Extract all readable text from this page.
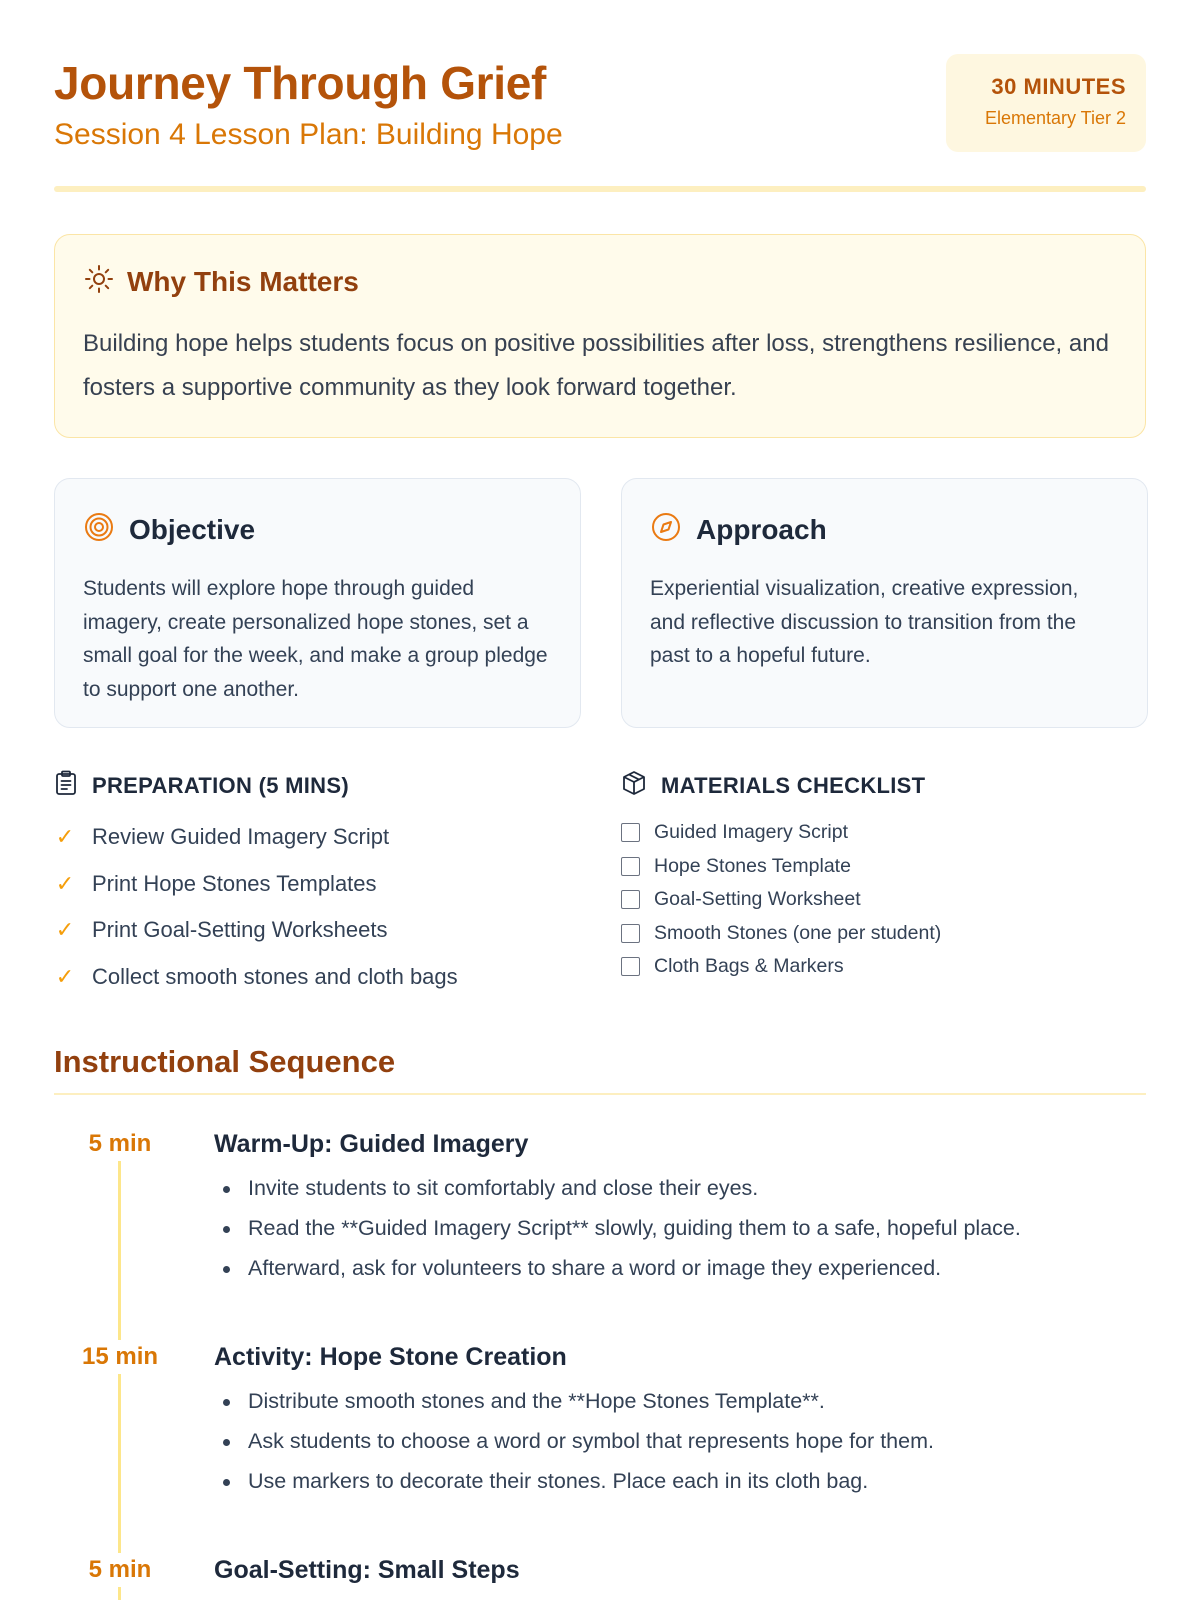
Journey Through Grief
Session 4 Lesson Plan: Building Hope
30 MINUTES
Elementary Tier 2
Why This Matters

Building hope helps students focus on positive possibilities after loss, strengthens resilience, and fosters a supportive community as they look forward together.

Objective

Students will explore hope through guided imagery, create personalized hope stones, set a small goal for the week, and make a group pledge to support one another.

Approach

Experiential visualization, creative expression, and reflective discussion to transition from the past to a hopeful future.

PREPARATION (5 MINS)
✓ Review Guided Imagery Script
✓ Print Hope Stones Templates
✓ Print Goal-Setting Worksheets
✓ Collect smooth stones and cloth bags
MATERIALS CHECKLIST
Guided Imagery Script
Hope Stones Template
Goal-Setting Worksheet
Smooth Stones (one per student)
Cloth Bags & Markers
Instructional Sequence
5 min	Warm-Up: Guided Imagery
Invite students to sit comfortably and close their eyes.
Read the **Guided Imagery Script** slowly, guiding them to a safe, hopeful place.
Afterward, ask for volunteers to share a word or image they experienced.
15 min	Activity: Hope Stone Creation
Distribute smooth stones and the **Hope Stones Template**.
Ask students to choose a word or symbol that represents hope for them.
Use markers to decorate their stones. Place each in its cloth bag.
5 min	Goal-Setting: Small Steps
